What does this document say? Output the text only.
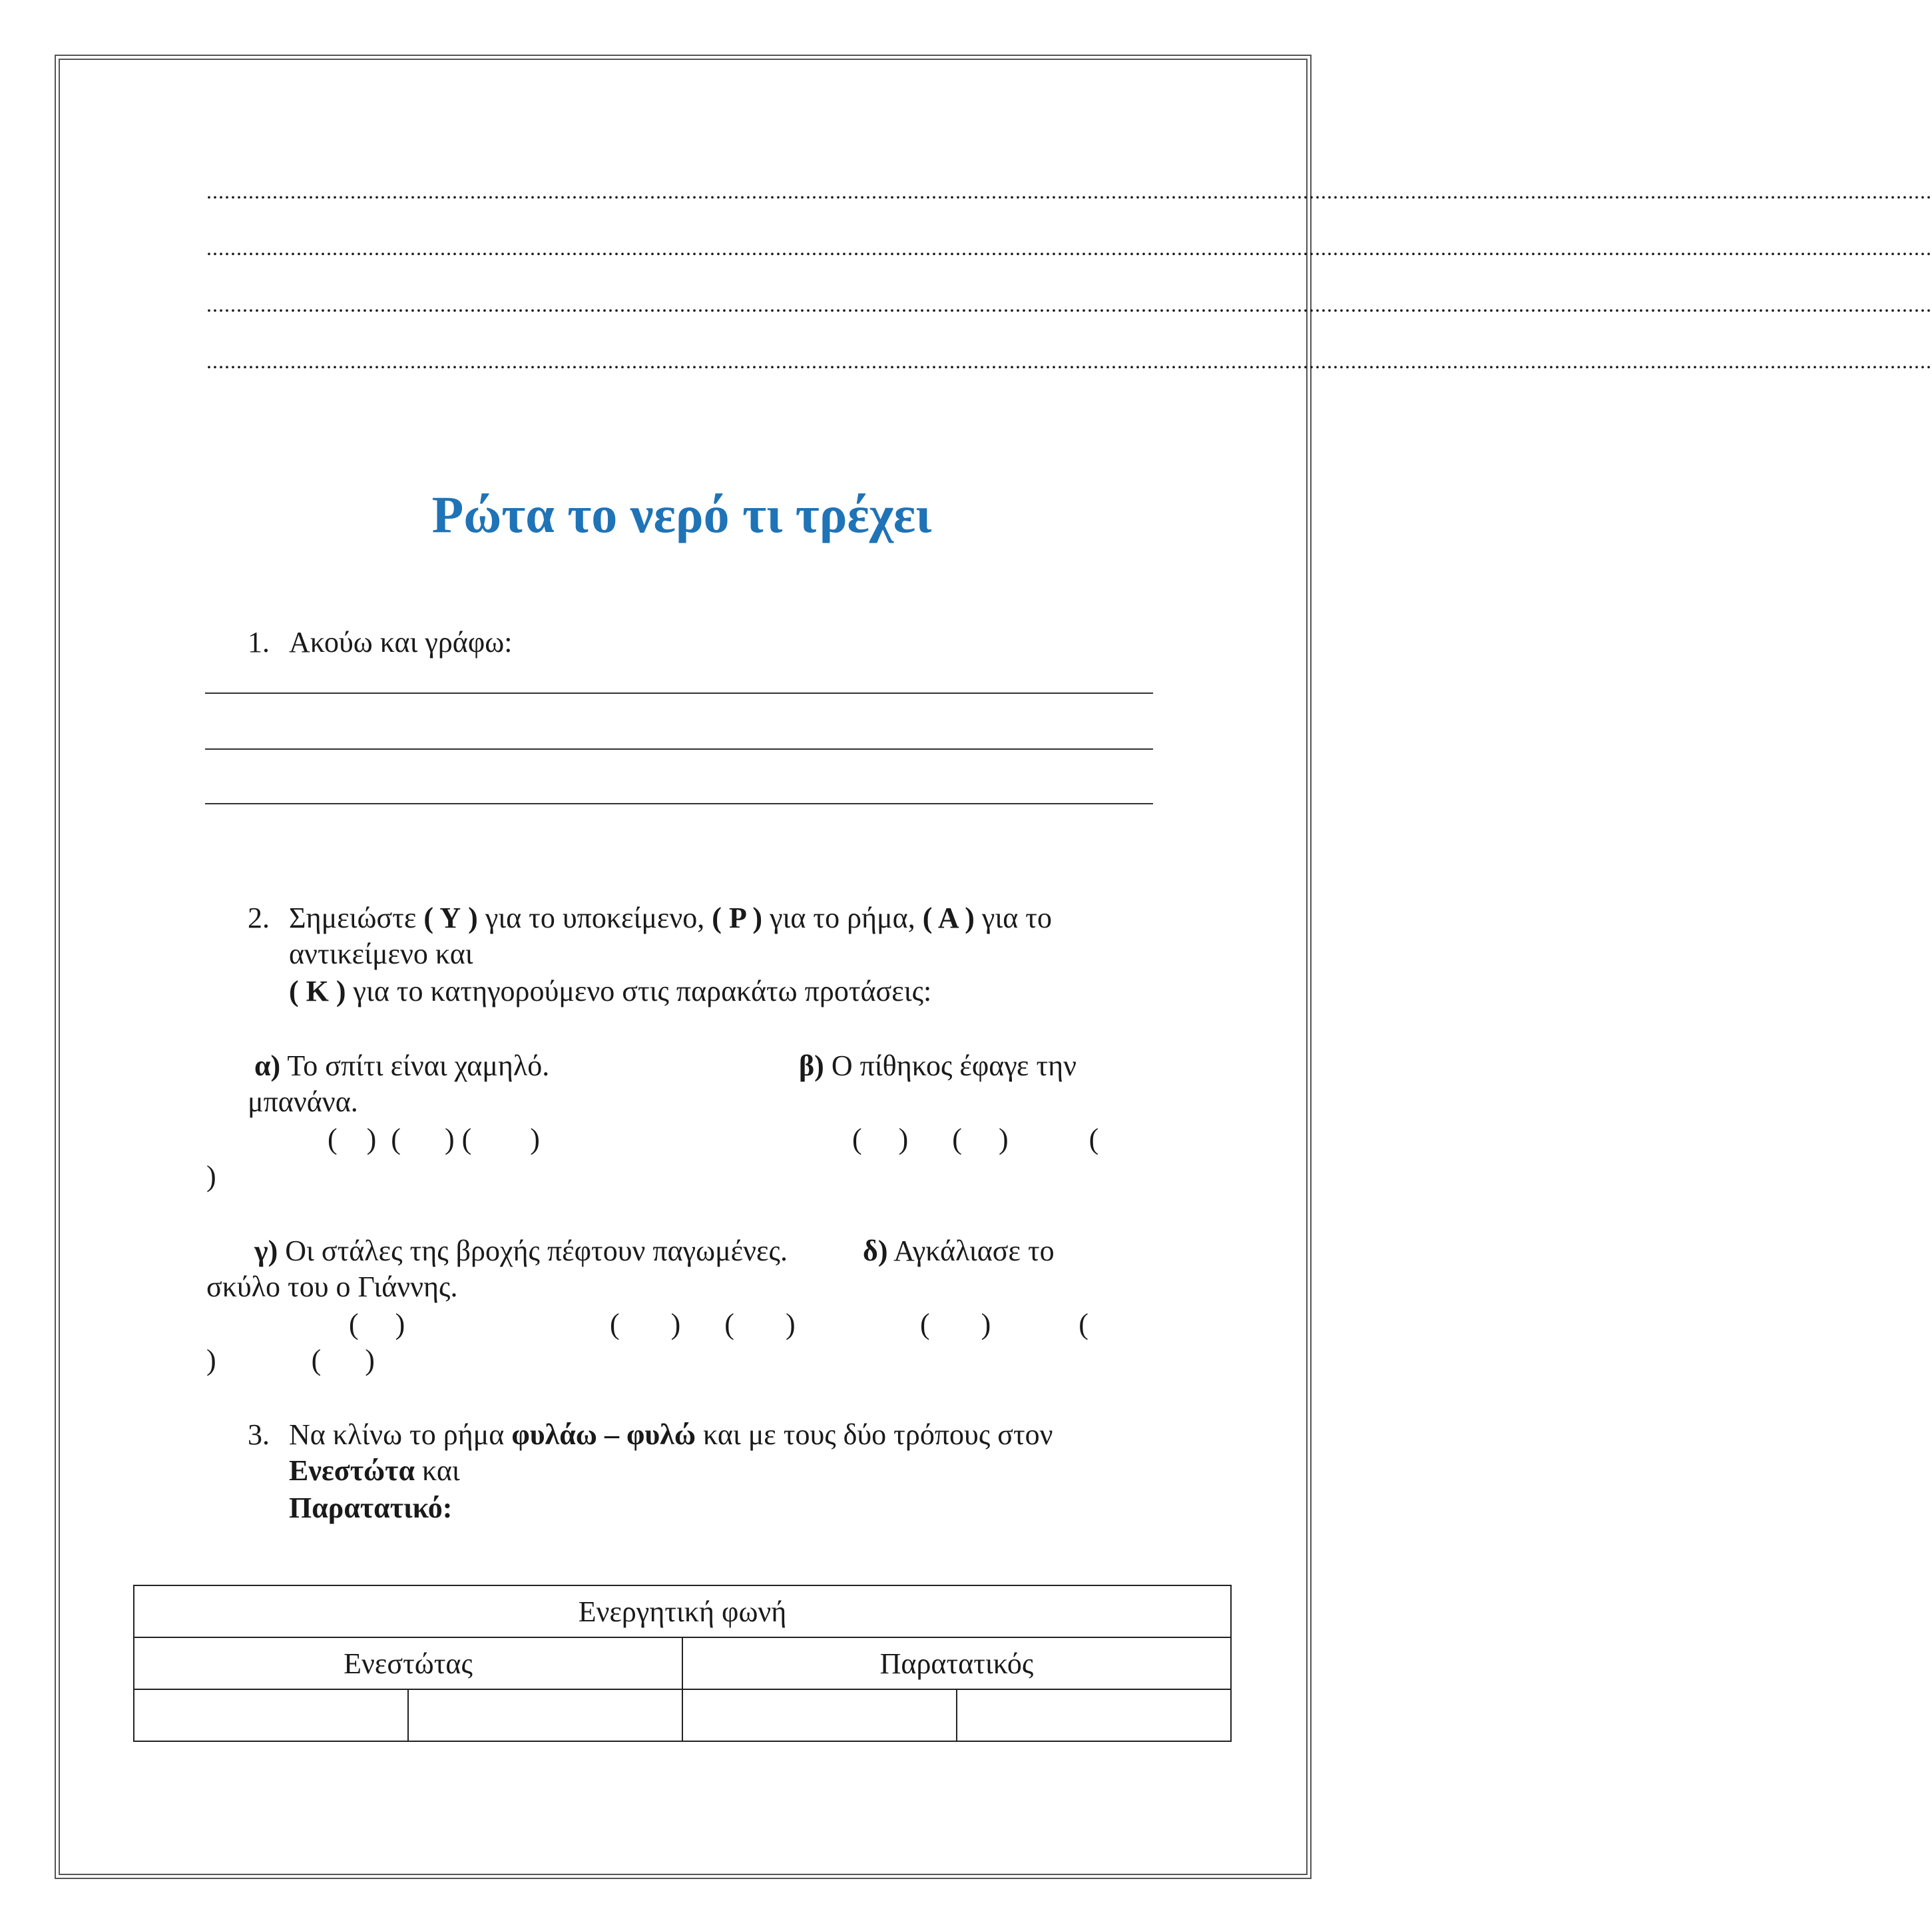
................................................................................................................................................................................................................................................................................................
................................................................................................................................................................................................................................................................................................
................................................................................................................................................................................................................................................................................................
................................................................................................................................................................................................................................................................................................
Ρώτα το νερό τι τρέχει
1. Ακούω και γράφω:
2. Σημειώστε ( Υ ) για το υποκείμενο, ( Ρ ) για το ρήμα, ( Α ) για το
αντικείμενο και
( Κ ) για το κατηγορούμενο στις παρακάτω προτάσεις:
α) Το σπίτι είναι χαμηλό.	β) Ο πίθηκος έφαγε την
μπανάνα.
(    )  (      ) (        )	(     )      (     )           (
)
γ) Οι στάλες της βροχής πέφτουν παγωμένες.	δ) Αγκάλιασε το
σκύλο του ο Γιάννης.
(     )	(       )      (       )	(       )            (
)             (      )
3. Να κλίνω το ρήμα φυλάω – φυλώ και με τους δύο τρόπους στον
Ενεστώτα και
Παρατατικό:
Ενεργητική φωνή			
Ενεστώτας		Παρατατικός	
